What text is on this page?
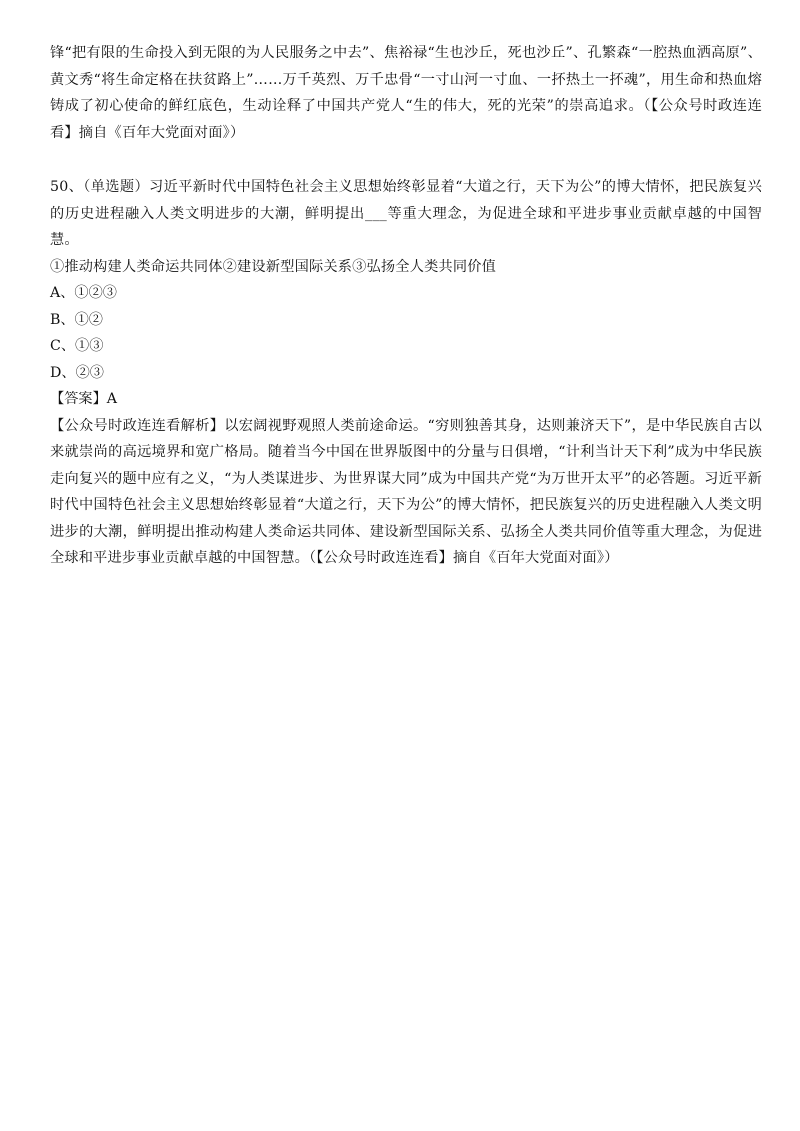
锋“把有限的生命投入到无限的为人民服务之中去”、焦裕禄“生也沙丘，死也沙丘”、孔繁森“一腔热血洒高原”、黄文秀“将生命定格在扶贫路上”……万千英烈、万千忠骨“一寸山河一寸血、一抔热土一抔魂”，用生命和热血熔铸成了初心使命的鲜红底色，生动诠释了中国共产党人“生的伟大，死的光荣”的崇高追求。（【公众号时政连连看】摘自《百年大党面对面》）

50、（单选题）习近平新时代中国特色社会主义思想始终彰显着“大道之行，天下为公”的博大情怀，把民族复兴的历史进程融入人类文明进步的大潮，鲜明提出___等重大理念，为促进全球和平进步事业贡献卓越的中国智慧。

①推动构建人类命运共同体②建设新型国际关系③弘扬全人类共同价值

A、①②③

B、①②

C、①③

D、②③

【答案】A

【公众号时政连连看解析】以宏阔视野观照人类前途命运。“穷则独善其身，达则兼济天下”，是中华民族自古以来就崇尚的高远境界和宽广格局。随着当今中国在世界版图中的分量与日俱增，“计利当计天下利”成为中华民族走向复兴的题中应有之义，“为人类谋进步、为世界谋大同”成为中国共产党“为万世开太平”的必答题。习近平新时代中国特色社会主义思想始终彰显着“大道之行，天下为公”的博大情怀，把民族复兴的历史进程融入人类文明进步的大潮，鲜明提出推动构建人类命运共同体、建设新型国际关系、弘扬全人类共同价值等重大理念，为促进全球和平进步事业贡献卓越的中国智慧。（【公众号时政连连看】摘自《百年大党面对面》）
